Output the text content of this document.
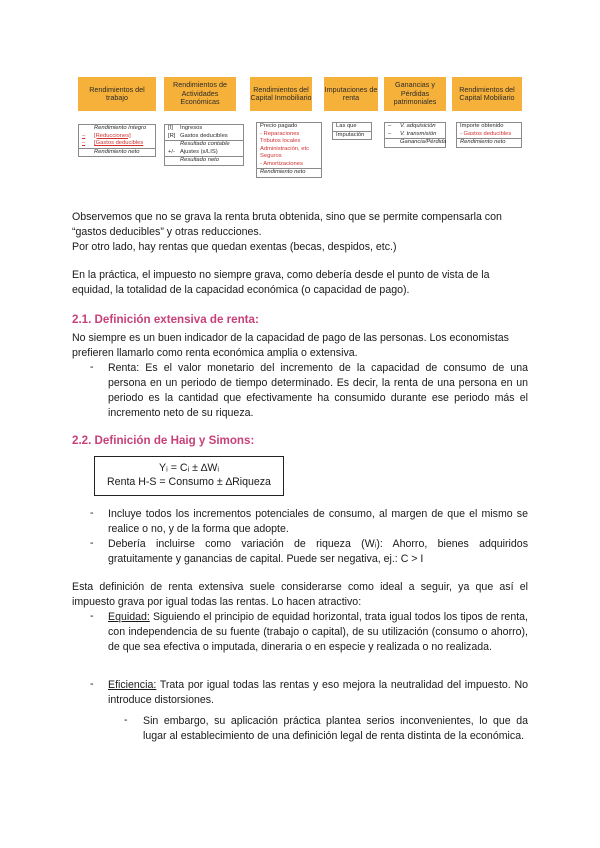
Rendimientos del trabajo
Rendimientos de Actividades Económicas
Rendimientos del Capital Inmobiliario
Imputaciones de renta
Ganancias y Pérdidas patrimoniales
Rendimientos del Capital Mobiliario
Rendimiento íntegro
–	[Reducciones]
–	[Gastos deducibles
Rendimiento neto
[I]	Ingresos
[R] Gastos deducibles
Resultado contable
+/- Ajustes (s/LIS)
Resultado neto
Precio pagado
- Reparaciones
Tributos locales
Administración, etc
Seguros
- Amortizaciones
Rendimiento neto
Las que
Imputación
–	V. adquisición
–	V. transmisión
Ganancia/Pérdida
Importe obtenido
- Gastos deducibles
Rendimiento neto
Observemos que no se grava la renta bruta obtenida, sino que se permite compensarla con
“gastos deducibles” y otras reducciones.
Por otro lado, hay rentas que quedan exentas (becas, despidos, etc.)
En la práctica, el impuesto no siempre grava, como debería desde el punto de vista de la
equidad, la totalidad de la capacidad económica (o capacidad de pago).
2.1. Definición extensiva de renta:
No siempre es un buen indicador de la capacidad de pago de las personas. Los economistas
prefieren llamarlo como renta económica amplia o extensiva.
- Renta: Es el valor monetario del incremento de la capacidad de consumo de una persona en un periodo de tiempo determinado. Es decir, la renta de una persona en un periodo es la cantidad que efectivamente ha consumido durante ese periodo más el incremento neto de su riqueza.
2.2. Definición de Haig y Simons:
Yᵢ = Cᵢ ± ∆Wᵢ
Renta H-S = Consumo ± ∆Riqueza
- Incluye todos los incrementos potenciales de consumo, al margen de que el mismo se realice o no, y de la forma que adopte.
- Debería incluirse como variación de riqueza (Wᵢ): Ahorro, bienes adquiridos gratuitamente y ganancias de capital. Puede ser negativa, ej.: C > I
Esta definición de renta extensiva suele considerarse como ideal a seguir, ya que así el impuesto grava por igual todas las rentas. Lo hacen atractivo:
- Equidad: Siguiendo el principio de equidad horizontal, trata igual todos los tipos de renta, con independencia de su fuente (trabajo o capital), de su utilización (consumo o ahorro), de que sea efectiva o imputada, dineraria o en especie y realizada o no realizada.
- Eficiencia: Trata por igual todas las rentas y eso mejora la neutralidad del impuesto. No introduce distorsiones.
- Sin embargo, su aplicación práctica plantea serios inconvenientes, lo que da lugar al establecimiento de una definición legal de renta distinta de la económica.
